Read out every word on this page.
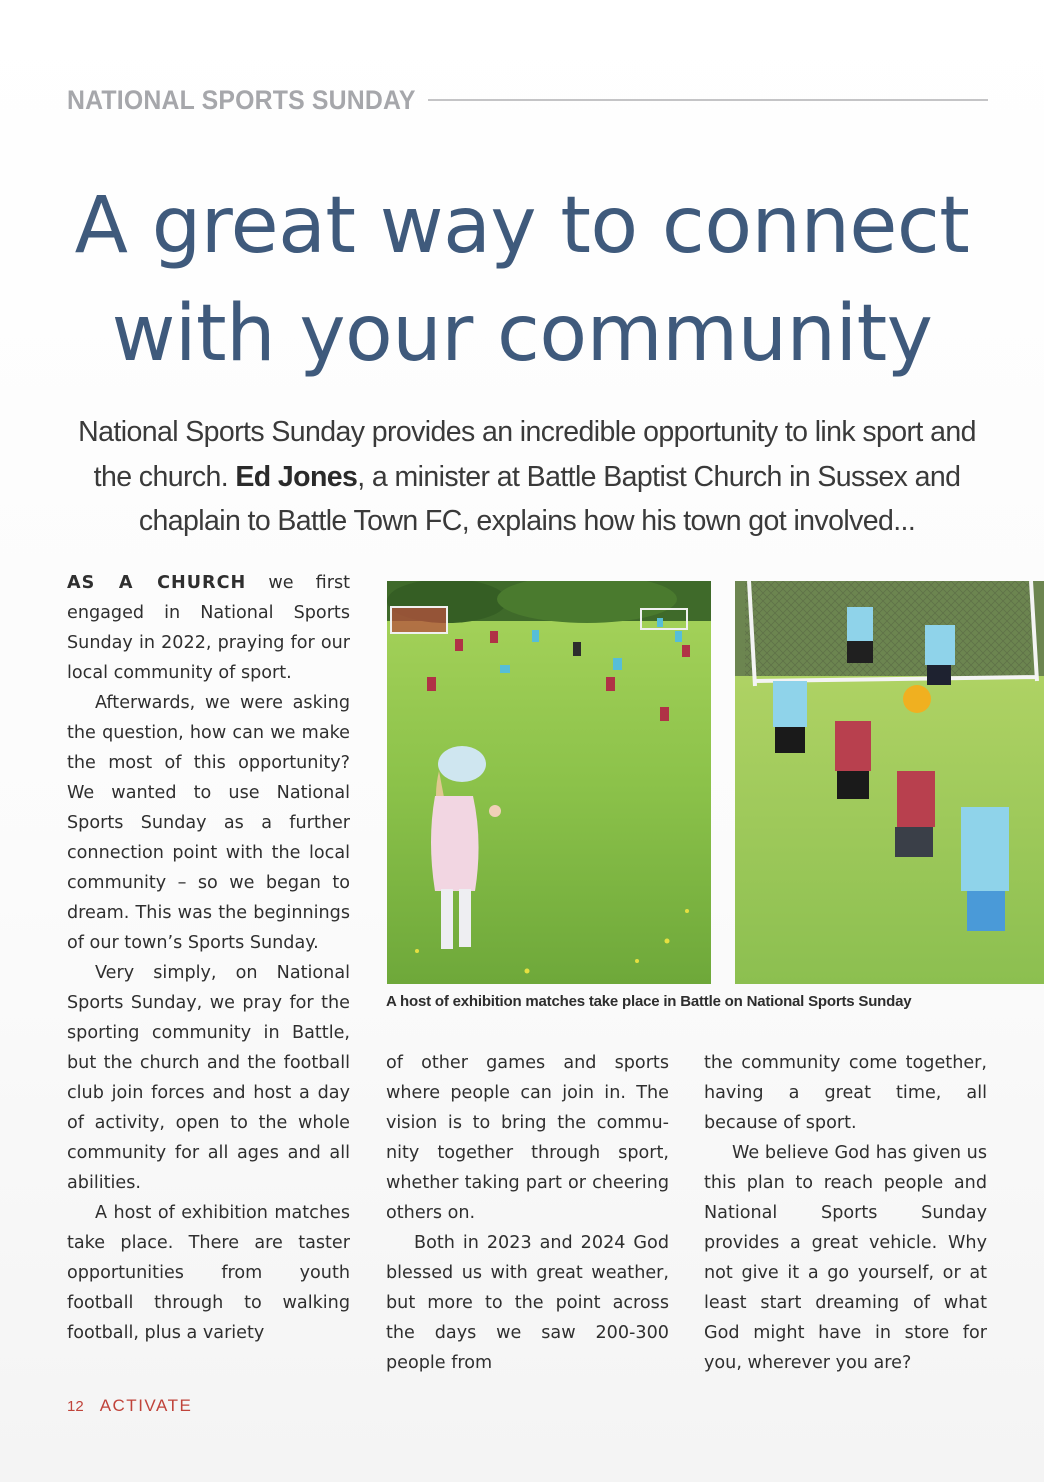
NATIONAL SPORTS SUNDAY
A great way to connect
with your community

National Sports Sunday provides an incredible opportunity to link sport and the church. Ed Jones, a minister at Battle Baptist Church in Sussex and chaplain to Battle Town FC, explains how his town got involved...

AS A CHURCH we first engaged in National Sports Sunday in 2022, praying for our local community of sport.

Afterwards, we were asking the question, how can we make the most of this opportunity? We wanted to use National Sports Sunday as a further connection point with the local community – so we began to dream. This was the beginnings of our town’s Sports Sunday.

Very simply, on National Sports Sunday, we pray for the sporting community in Battle, but the church and the football club join forces and host a day of activity, open to the whole community for all ages and all abilities.

A host of exhibition matches take place. There are taster opportunities from youth football through to walking football, plus a variety

A host of exhibition matches take place in Battle on National Sports Sunday

of other games and sports where people can join in. The vision is to bring the community together through sport, whether taking part or cheering others on.

Both in 2023 and 2024 God blessed us with great weather, but more to the point across the days we saw 200-300 people from

the community come together, having a great time, all because of sport.

We believe God has given us this plan to reach people and National Sports Sunday provides a great vehicle. Why not give it a go yourself, or at least start dreaming of what God might have in store for you, wherever you are?

12 ACTIVATE
